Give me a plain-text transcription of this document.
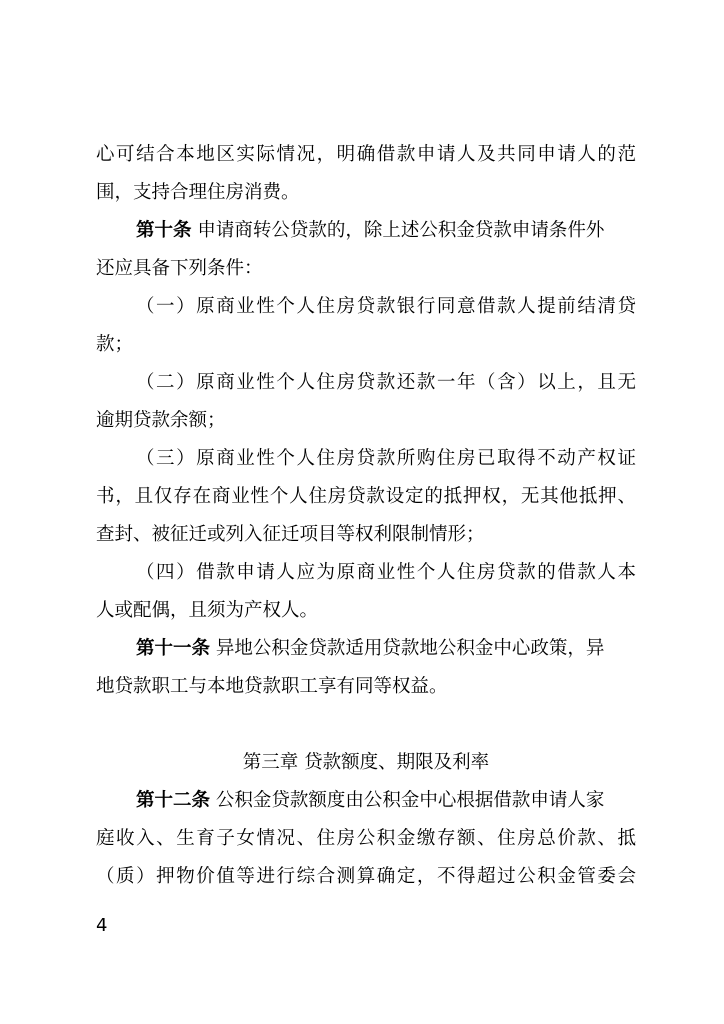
心可结合本地区实际情况，明确借款申请人及共同申请人的范
围，支持合理住房消费。
第十条 申请商转公贷款的，除上述公积金贷款申请条件外
还应具备下列条件：
（一）原商业性个人住房贷款银行同意借款人提前结清贷
款；
（二）原商业性个人住房贷款还款一年（含）以上，且无
逾期贷款余额；
（三）原商业性个人住房贷款所购住房已取得不动产权证
书，且仅存在商业性个人住房贷款设定的抵押权，无其他抵押、
查封、被征迁或列入征迁项目等权利限制情形；
（四）借款申请人应为原商业性个人住房贷款的借款人本
人或配偶，且须为产权人。
第十一条 异地公积金贷款适用贷款地公积金中心政策，异
地贷款职工与本地贷款职工享有同等权益。
第三章 贷款额度、期限及利率
第十二条 公积金贷款额度由公积金中心根据借款申请人家
庭收入、生育子女情况、住房公积金缴存额、住房总价款、抵
（质）押物价值等进行综合测算确定，不得超过公积金管委会
4
